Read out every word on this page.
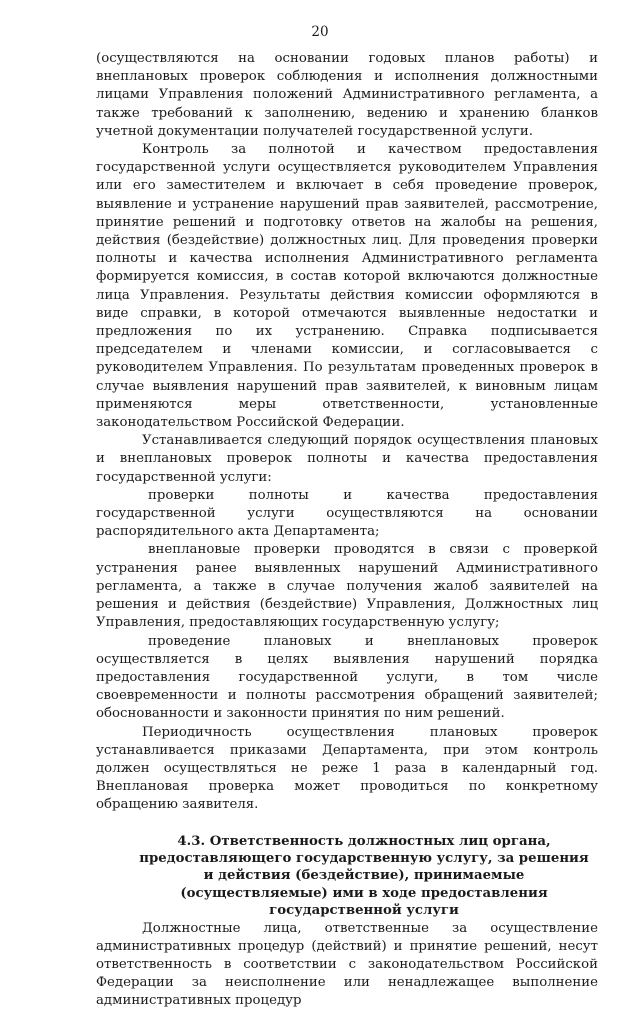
20

(осуществляются на основании годовых планов работы) и внеплановых проверок соблюдения и исполнения должностными лицами Управления положений Административного регламента, а также требований к заполнению, ведению и хранению бланков учетной документации получателей государственной услуги.

Контроль за полнотой и качеством предоставления государственной услуги осуществляется руководителем Управления или его заместителем и включает в себя проведение проверок, выявление и устранение нарушений прав заявителей, рассмотрение, принятие решений и подготовку ответов на жалобы на решения, действия (бездействие) должностных лиц. Для проведения проверки полноты и качества исполнения Административного регламента формируется комиссия, в состав которой включаются должностные лица Управления. Результаты действия комиссии оформляются в виде справки, в которой отмечаются выявленные недостатки и предложения по их устранению. Справка подписывается председателем и членами комиссии, и согласовывается с руководителем Управления. По результатам проведенных проверок в случае выявления нарушений прав заявителей, к виновным лицам применяются меры ответственности, установленные законодательством Российской Федерации.

Устанавливается следующий порядок осуществления плановых и внеплановых проверок полноты и качества предоставления государственной услуги:

проверки полноты и качества предоставления государственной услуги осуществляются на основании распорядительного акта Департамента;

внеплановые проверки проводятся в связи с проверкой устранения ранее выявленных нарушений Административного регламента, а также в случае получения жалоб заявителей на решения и действия (бездействие) Управления, Должностных лиц Управления, предоставляющих государственную услугу;

проведение плановых и внеплановых проверок осуществляется в целях выявления нарушений порядка предоставления государственной услуги, в том числе своевременности и полноты рассмотрения обращений заявителей; обоснованности и законности принятия по ним решений.

Периодичность осуществления плановых проверок устанавливается приказами Департамента, при этом контроль должен осуществляться не реже 1 раза в календарный год. Внеплановая проверка может проводиться по конкретному обращению заявителя.

4.3. Ответственность должностных лиц органа, предоставляющего государственную услугу, за решения и действия (бездействие), принимаемые (осуществляемые) ими в ходе предоставления государственной услуги

Должностные лица, ответственные за осуществление административных процедур (действий) и принятие решений, несут ответственность в соответствии с законодательством Российской Федерации за неисполнение или ненадлежащее выполнение административных процедур
